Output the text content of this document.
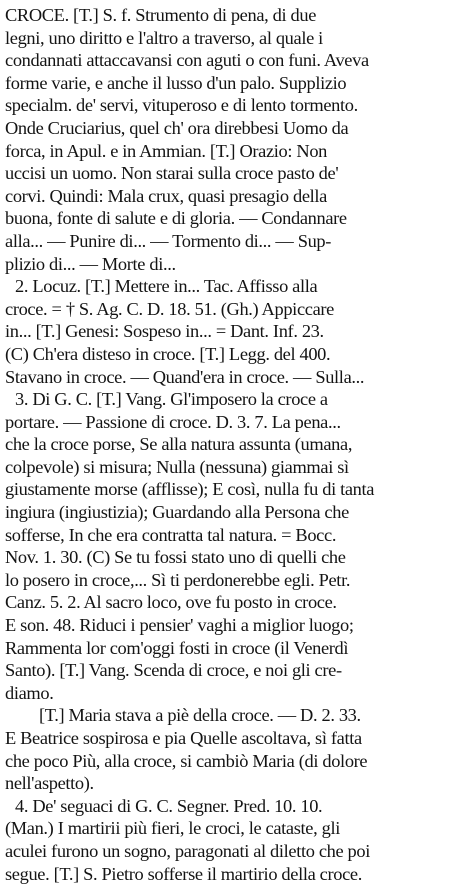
CROCE. [T.] S. f. Strumento di pena, di due
legni, uno diritto e l'altro a traverso, al quale i
condannati attaccavansi con aguti o con funi. Aveva
forme varie, e anche il lusso d'un palo. Supplizio
specialm. de' servi, vituperoso e di lento tormento.
Onde Cruciarius, quel ch' ora direbbesi Uomo da
forca, in Apul. e in Ammian. [T.] Orazio: Non
uccisi un uomo. Non starai sulla croce pasto de'
corvi. Quindi: Mala crux, quasi presagio della
buona, fonte di salute e di gloria. — Condannare
alla... — Punire di... — Tormento di... — Sup-
plizio di... — Morte di...
2. Locuz. [T.] Mettere in... Tac. Affisso alla
croce. = † S. Ag. C. D. 18. 51. (Gh.) Appiccare
in... [T.] Genesi: Sospeso in... = Dant. Inf. 23.
(C) Ch'era disteso in croce. [T.] Legg. del 400.
Stavano in croce. — Quand'era in croce. — Sulla...
3. Di G. C. [T.] Vang. Gl'imposero la croce a
portare. — Passione di croce. D. 3. 7. La pena...
che la croce porse, Se alla natura assunta (umana,
colpevole) si misura; Nulla (nessuna) giammai sì
giustamente morse (afflisse); E così, nulla fu di tanta
ingiura (ingiustizia); Guardando alla Persona che
sofferse, In che era contratta tal natura. = Bocc.
Nov. 1. 30. (C) Se tu fossi stato uno di quelli che
lo posero in croce,... Sì ti perdonerebbe egli. Petr.
Canz. 5. 2. Al sacro loco, ove fu posto in croce.
E son. 48. Riduci i pensier' vaghi a miglior luogo;
Rammenta lor com'oggi fosti in croce (il Venerdì
Santo). [T.] Vang. Scenda di croce, e noi gli cre-
diamo.
[T.] Maria stava a piè della croce. — D. 2. 33.
E Beatrice sospirosa e pia Quelle ascoltava, sì fatta
che poco Più, alla croce, si cambiò Maria (di dolore
nell'aspetto).
4. De' seguaci di G. C. Segner. Pred. 10. 10.
(Man.) I martirii più fieri, le croci, le cataste, gli
aculei furono un sogno, paragonati al diletto che poi
segue. [T.] S. Pietro sofferse il martirio della croce.
